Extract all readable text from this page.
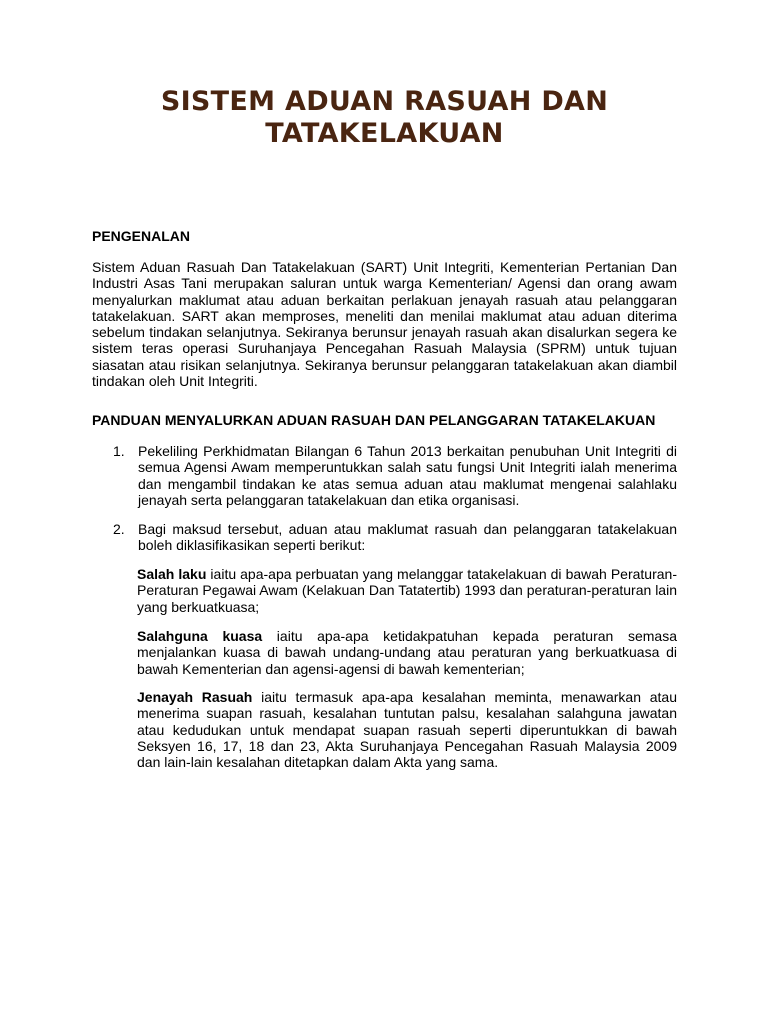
SISTEM ADUAN RASUAH DAN TATAKELAKUAN
PENGENALAN

Sistem Aduan Rasuah Dan Tatakelakuan (SART) Unit Integriti, Kementerian Pertanian Dan Industri Asas Tani merupakan saluran untuk warga Kementerian/ Agensi dan orang awam menyalurkan maklumat atau aduan berkaitan perlakuan jenayah rasuah atau pelanggaran tatakelakuan. SART akan memproses, meneliti dan menilai maklumat atau aduan diterima sebelum tindakan selanjutnya. Sekiranya berunsur jenayah rasuah akan disalurkan segera ke sistem teras operasi Suruhanjaya Pencegahan Rasuah Malaysia (SPRM) untuk tujuan siasatan atau risikan selanjutnya. Sekiranya berunsur pelanggaran tatakelakuan akan diambil tindakan oleh Unit Integriti.

PANDUAN MENYALURKAN ADUAN RASUAH DAN PELANGGARAN TATAKELAKUAN
1. Pekeliling Perkhidmatan Bilangan 6 Tahun 2013 berkaitan penubuhan Unit Integriti di semua Agensi Awam memperuntukkan salah satu fungsi Unit Integriti ialah menerima dan mengambil tindakan ke atas semua aduan atau maklumat mengenai salahlaku jenayah serta pelanggaran tatakelakuan dan etika organisasi.

2. Bagi maksud tersebut, aduan atau maklumat rasuah dan pelanggaran tatakelakuan boleh diklasifikasikan seperti berikut:

Salah laku iaitu apa-apa perbuatan yang melanggar tatakelakuan di bawah Peraturan-Peraturan Pegawai Awam (Kelakuan Dan Tatatertib) 1993 dan peraturan-peraturan lain yang berkuatkuasa;

Salahguna kuasa iaitu apa-apa ketidakpatuhan kepada peraturan semasa menjalankan kuasa di bawah undang-undang atau peraturan yang berkuatkuasa di bawah Kementerian dan agensi-agensi di bawah kementerian;

Jenayah Rasuah iaitu termasuk apa-apa kesalahan meminta, menawarkan atau menerima suapan rasuah, kesalahan tuntutan palsu, kesalahan salahguna jawatan atau kedudukan untuk mendapat suapan rasuah seperti diperuntukkan di bawah Seksyen 16, 17, 18 dan 23, Akta Suruhanjaya Pencegahan Rasuah Malaysia 2009 dan lain-lain kesalahan ditetapkan dalam Akta yang sama.
